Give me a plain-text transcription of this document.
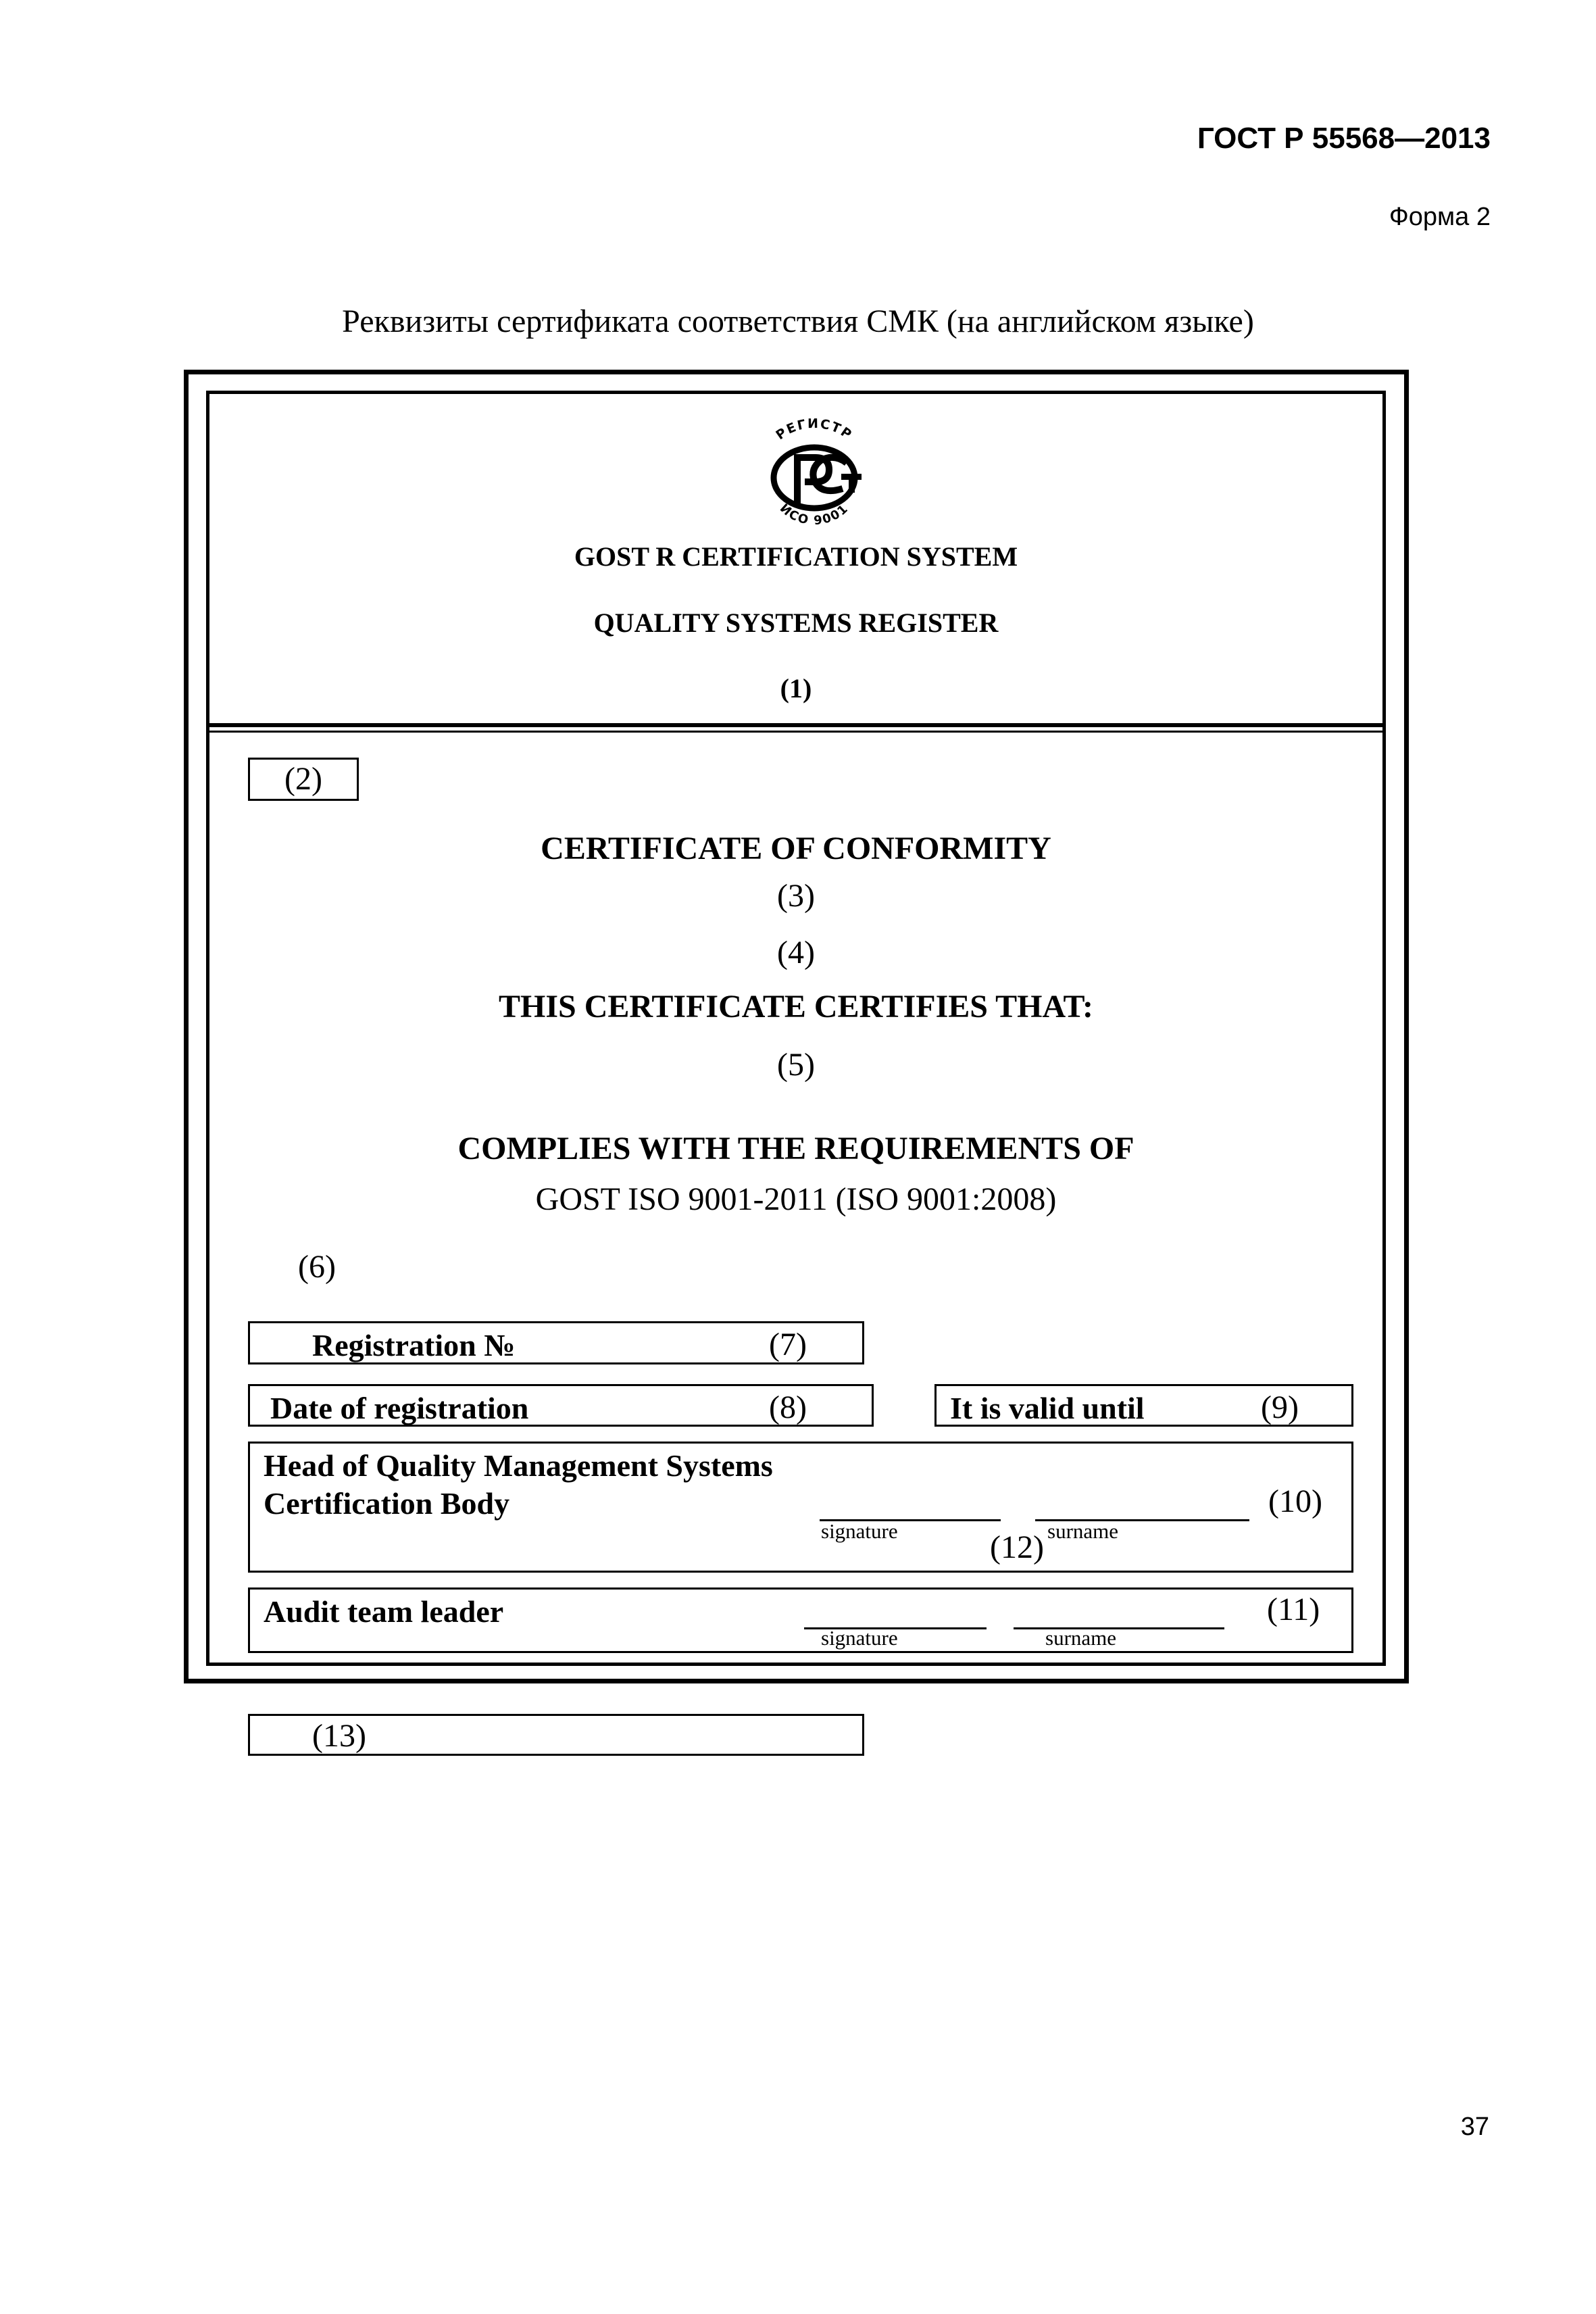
ГОСТ Р 55568—2013
Форма 2
Реквизиты сертификата соответствия СМК (на английском языке)
РЕГИСТР
ИСО 9001
GOST R CERTIFICATION SYSTEM
QUALITY SYSTEMS REGISTER
(1)
(2)
CERTIFICATE OF CONFORMITY
(3)
(4)
THIS CERTIFICATE CERTIFIES THAT:
(5)
COMPLIES WITH THE REQUIREMENTS OF
GOST ISO 9001-2011 (ISO 9001:2008)
(6)
Registration №	(7)
Date of registration	(8)	It is valid until	(9)
Head of Quality Management Systems
Certification Body	(10)
signature	(12) surname
Audit team leader	(11)
signature	surname
(13)
37
